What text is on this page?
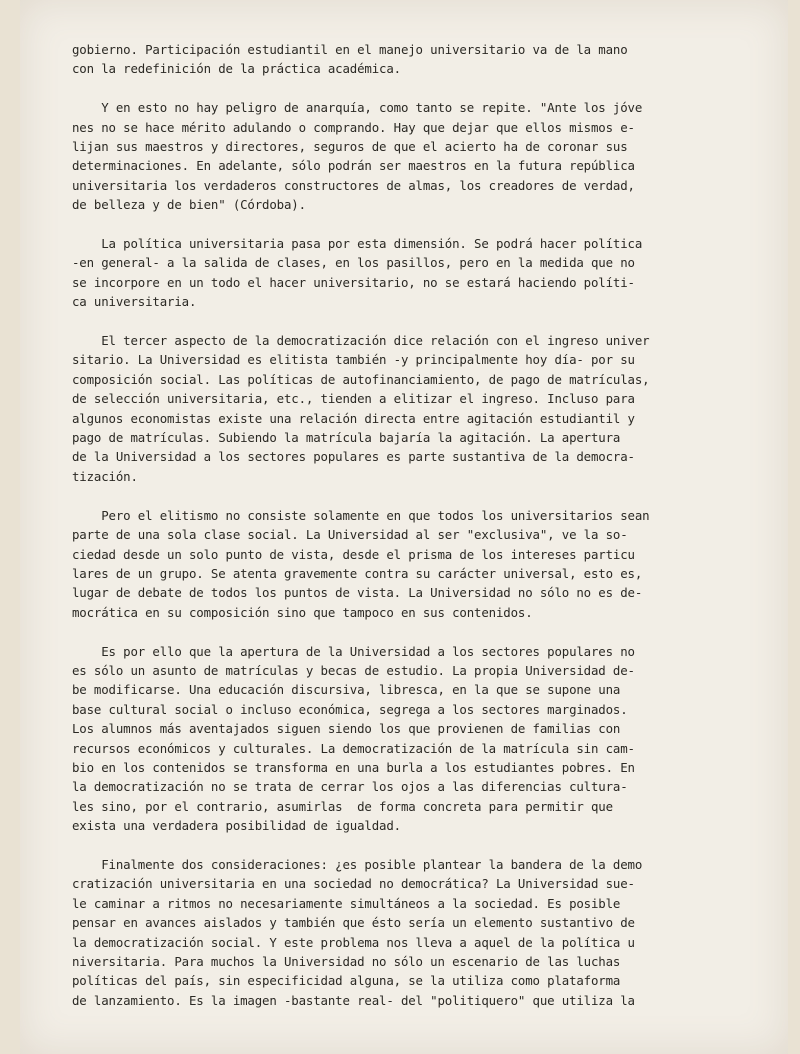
gobierno. Participación estudiantil en el manejo universitario va de la mano
con la redefinición de la práctica académica.
Y en esto no hay peligro de anarquía, como tanto se repite. "Ante los jóve
nes no se hace mérito adulando o comprando. Hay que dejar que ellos mismos e-
lijan sus maestros y directores, seguros de que el acierto ha de coronar sus
determinaciones. En adelante, sólo podrán ser maestros en la futura república
universitaria los verdaderos constructores de almas, los creadores de verdad,
de belleza y de bien" (Córdoba).
La política universitaria pasa por esta dimensión. Se podrá hacer política
-en general- a la salida de clases, en los pasillos, pero en la medida que no
se incorpore en un todo el hacer universitario, no se estará haciendo políti-
ca universitaria.
El tercer aspecto de la democratización dice relación con el ingreso univer
sitario. La Universidad es elitista también -y principalmente hoy día- por su
composición social. Las políticas de autofinanciamiento, de pago de matrículas,
de selección universitaria, etc., tienden a elitizar el ingreso. Incluso para
algunos economistas existe una relación directa entre agitación estudiantil y
pago de matrículas. Subiendo la matrícula bajaría la agitación. La apertura
de la Universidad a los sectores populares es parte sustantiva de la democra-
tización.
Pero el elitismo no consiste solamente en que todos los universitarios sean
parte de una sola clase social. La Universidad al ser "exclusiva", ve la so-
ciedad desde un solo punto de vista, desde el prisma de los intereses particu
lares de un grupo. Se atenta gravemente contra su carácter universal, esto es,
lugar de debate de todos los puntos de vista. La Universidad no sólo no es de-
mocrática en su composición sino que tampoco en sus contenidos.
Es por ello que la apertura de la Universidad a los sectores populares no
es sólo un asunto de matrículas y becas de estudio. La propia Universidad de-
be modificarse. Una educación discursiva, libresca, en la que se supone una
base cultural social o incluso económica, segrega a los sectores marginados.
Los alumnos más aventajados siguen siendo los que provienen de familias con
recursos económicos y culturales. La democratización de la matrícula sin cam-
bio en los contenidos se transforma en una burla a los estudiantes pobres. En
la democratización no se trata de cerrar los ojos a las diferencias cultura-
les sino, por el contrario, asumirlas  de forma concreta para permitir que
exista una verdadera posibilidad de igualdad.
Finalmente dos consideraciones: ¿es posible plantear la bandera de la demo
cratización universitaria en una sociedad no democrática? La Universidad sue-
le caminar a ritmos no necesariamente simultáneos a la sociedad. Es posible
pensar en avances aislados y también que ésto sería un elemento sustantivo de
la democratización social. Y este problema nos lleva a aquel de la política u
niversitaria. Para muchos la Universidad no sólo un escenario de las luchas
políticas del país, sin especificidad alguna, se la utiliza como plataforma
de lanzamiento. Es la imagen -bastante real- del "politiquero" que utiliza la
